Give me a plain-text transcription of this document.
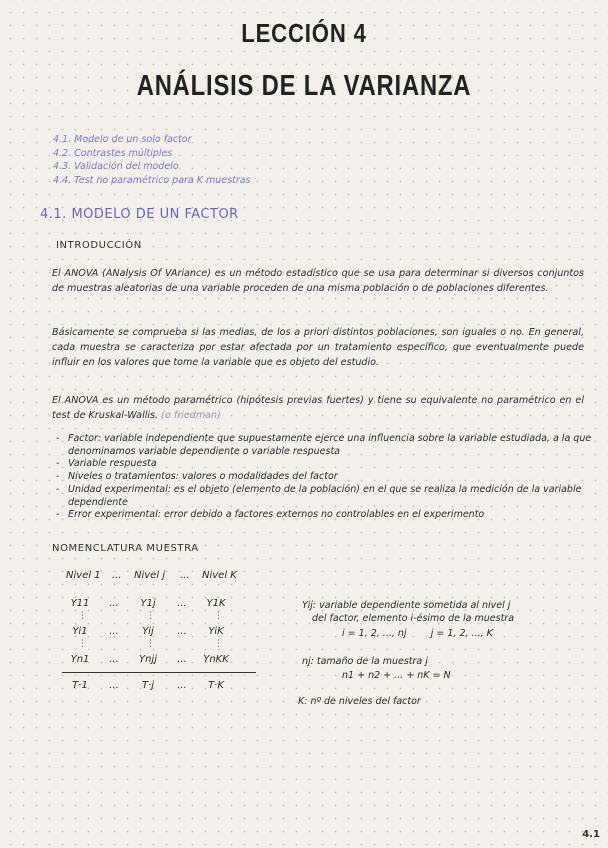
LECCIÓN 4
ANÁLISIS DE LA VARIANZA
4.1. Modelo de un solo factor
4.2. Contrastes múltiples
4.3. Validación del modelo
4.4. Test no paramétrico para K muestras
4.1. MODELO DE UN FACTOR
INTRODUCCIÓN
El ANOVA (ANalysis Of VAriance) es un método estadístico que se usa para determinar si diversos conjuntos de muestras aleatorias de una variable proceden de una misma población o de poblaciones diferentes.
Básicamente se comprueba si las medias, de los a priori distintos poblaciones, son iguales o no. En general, cada muestra se caracteriza por estar afectada por un tratamiento específico, que eventualmente puede influir en los valores que tome la variable que es objeto del estudio.
El ANOVA es un método paramétrico (hipótesis previas fuertes) y tiene su equivalente no paramétrico en el test de Kruskal-Wallis. (o friedman)
- Factor: variable independiente que supuestamente ejerce una influencia sobre la variable estudiada, a la que denominamos variable dependiente o variable respuesta
- Variable respuesta
- Niveles o tratamientos: valores o modalidades del factor
- Unidad experimental: es el objeto (elemento de la población) en el que se realiza la medición de la variable dependiente
- Error experimental: error debido a factores externos no controlables en el experimento
NOMENCLATURA MUESTRA
Nivel 1 ... Nivel j ... Nivel K
Y11	...	Y1j	...	Y1K
⋮	⋮	⋮
Yi1	...	Yij	...	YiK
⋮	⋮	⋮
Yn1	...	Ynjj	...	YnKK
T·1	...	T·j	...	T·K
Yij: variable dependiente sometida al nivel j
del factor, elemento i-ésimo de la muestra
i = 1, 2, ..., nj        j = 1, 2, ..., K
nj: tamaño de la muestra j
n1 + n2 + ... + nK = N
K: nº de niveles del factor
4.1
